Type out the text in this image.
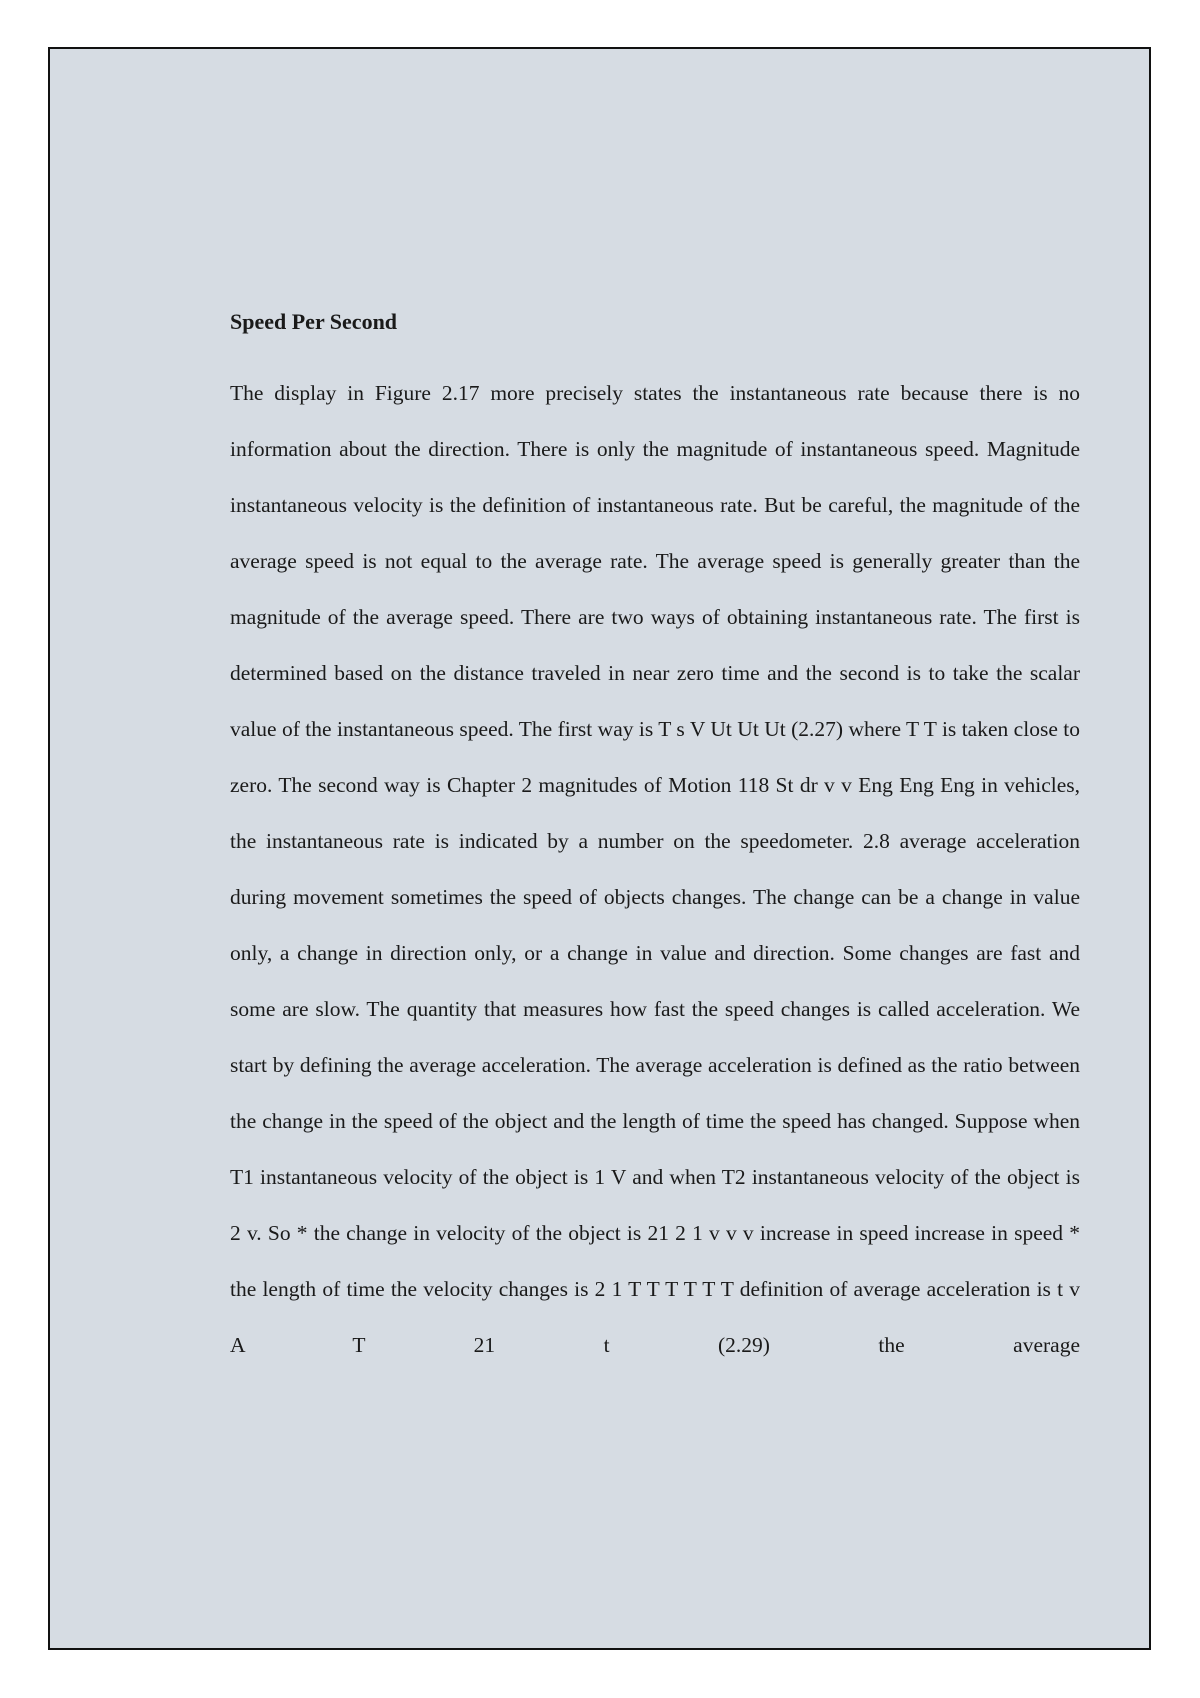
Speed Per Second

The display in Figure 2.17 more precisely states the instantaneous rate because there is no information about the direction. There is only the magnitude of instantaneous speed. Magnitude instantaneous velocity is the definition of instantaneous rate. But be careful, the magnitude of the average speed is not equal to the average rate. The average speed is generally greater than the magnitude of the average speed. There are two ways of obtaining instantaneous rate. The first is determined based on the distance traveled in near zero time and the second is to take the scalar value of the instantaneous speed. The first way is T s V Ut Ut Ut (2.27) where T T is taken close to zero. The second way is Chapter 2 magnitudes of Motion 118 St dr v v Eng Eng Eng in vehicles, the instantaneous rate is indicated by a number on the speedometer. 2.8 average acceleration during movement sometimes the speed of objects changes. The change can be a change in value only, a change in direction only, or a change in value and direction. Some changes are fast and some are slow. The quantity that measures how fast the speed changes is called acceleration. We start by defining the average acceleration. The average acceleration is defined as the ratio between the change in the speed of the object and the length of time the speed has changed. Suppose when T1 instantaneous velocity of the object is 1 V and when T2 instantaneous velocity of the object is 2 v. So * the change in velocity of the object is 21 2 1 v v v increase in speed increase in speed * the length of time the velocity changes is 2 1 T T T T T T definition of average acceleration is t v A T 21 t (2.29) the average
